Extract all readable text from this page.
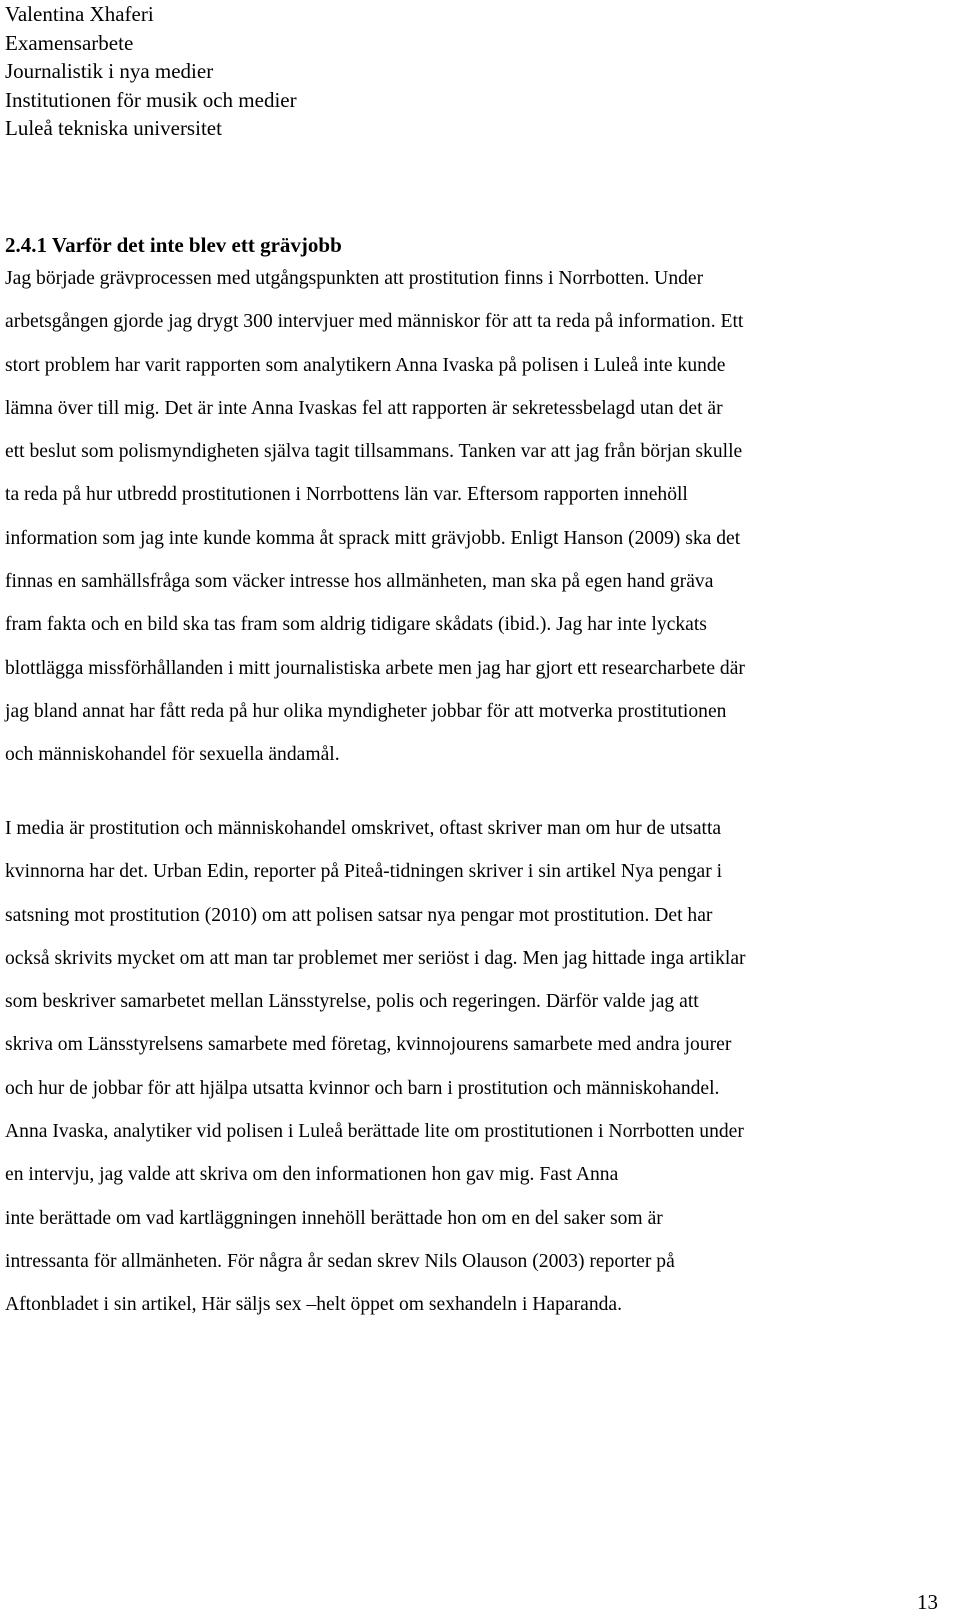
Valentina Xhaferi
Examensarbete
Journalistik i nya medier
Institutionen för musik och medier
Luleå tekniska universitet
2.4.1 Varför det inte blev ett grävjobb
Jag började grävprocessen med utgångspunkten att prostitution finns i Norrbotten. Under
arbetsgången gjorde jag drygt 300 intervjuer med människor för att ta reda på information. Ett
stort problem har varit rapporten som analytikern Anna Ivaska på polisen i Luleå inte kunde
lämna över till mig. Det är inte Anna Ivaskas fel att rapporten är sekretessbelagd utan det är
ett beslut som polismyndigheten själva tagit tillsammans. Tanken var att jag från början skulle
ta reda på hur utbredd prostitutionen i Norrbottens län var. Eftersom rapporten innehöll
information som jag inte kunde komma åt sprack mitt grävjobb. Enligt Hanson (2009) ska det
finnas en samhällsfråga som väcker intresse hos allmänheten, man ska på egen hand gräva
fram fakta och en bild ska tas fram som aldrig tidigare skådats (ibid.). Jag har inte lyckats
blottlägga missförhållanden i mitt journalistiska arbete men jag har gjort ett researcharbete där
jag bland annat har fått reda på hur olika myndigheter jobbar för att motverka prostitutionen
och människohandel för sexuella ändamål.
I media är prostitution och människohandel omskrivet, oftast skriver man om hur de utsatta
kvinnorna har det. Urban Edin, reporter på Piteå-tidningen skriver i sin artikel Nya pengar i
satsning mot prostitution (2010) om att polisen satsar nya pengar mot prostitution. Det har
också skrivits mycket om att man tar problemet mer seriöst i dag. Men jag hittade inga artiklar
som beskriver samarbetet mellan Länsstyrelse, polis och regeringen. Därför valde jag att
skriva om Länsstyrelsens samarbete med företag, kvinnojourens samarbete med andra jourer
och hur de jobbar för att hjälpa utsatta kvinnor och barn i prostitution och människohandel.
Anna Ivaska, analytiker vid polisen i Luleå berättade lite om prostitutionen i Norrbotten under
en intervju, jag valde att skriva om den informationen hon gav mig. Fast Anna
inte berättade om vad kartläggningen innehöll berättade hon om en del saker som är
intressanta för allmänheten. För några år sedan skrev Nils Olauson (2003) reporter på
Aftonbladet i sin artikel, Här säljs sex –helt öppet om sexhandeln i Haparanda.
13
